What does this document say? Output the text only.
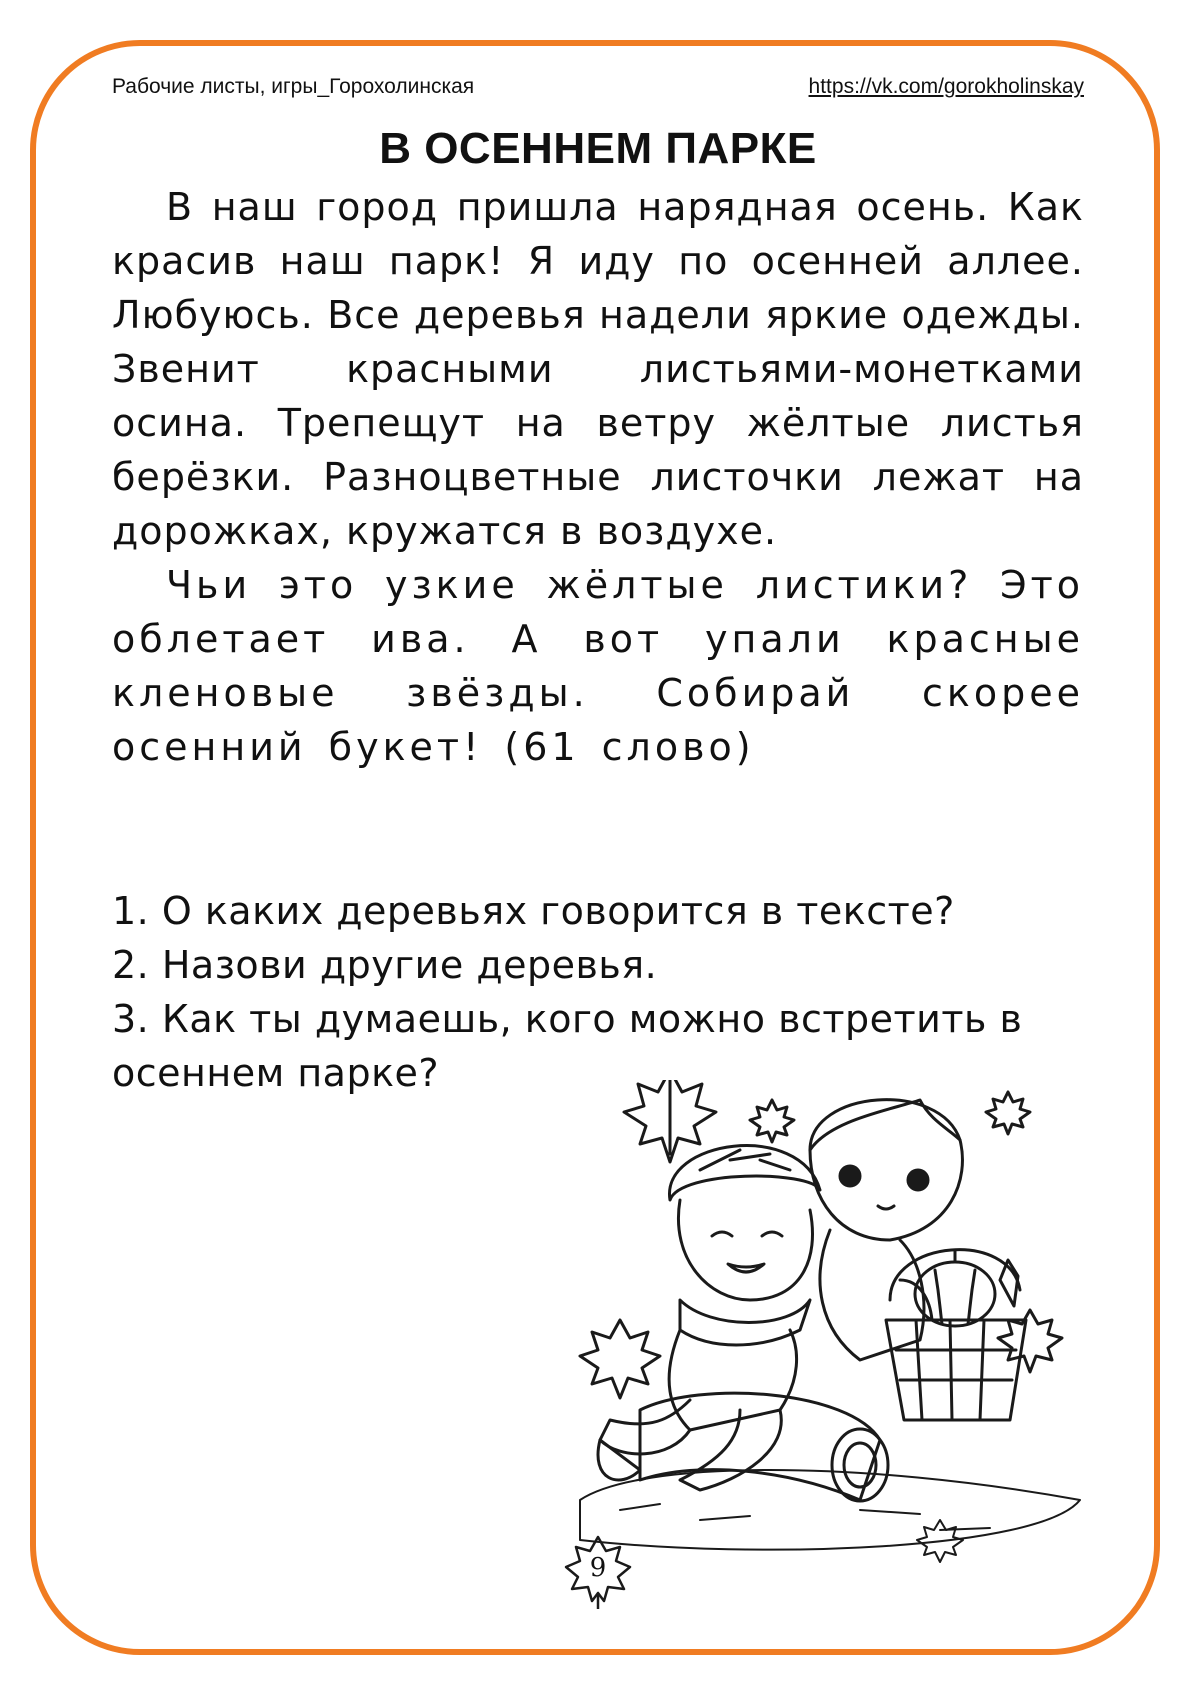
Рабочие листы, игры_Горохолинская	https://vk.com/gorokholinskay
В ОСЕННЕМ ПАРКЕ

В наш город пришла нарядная осень. Как красив наш парк! Я иду по осенней аллее. Любуюсь. Все деревья надели яркие одежды. Звенит красными листьями-монетками осина. Трепещут на ветру жёлтые листья берёзки. Разноцветные листочки лежат на дорожках, кружатся в воздухе.

Чьи это узкие жёлтые листики? Это облетает ива. А вот упали красные кленовые звёзды. Собирай скорее осенний букет! (61 слово)

1. О каких деревьях говорится в тексте?
2. Назови другие деревья.
3. Как ты думаешь, кого можно встретить в осеннем парке?
9
